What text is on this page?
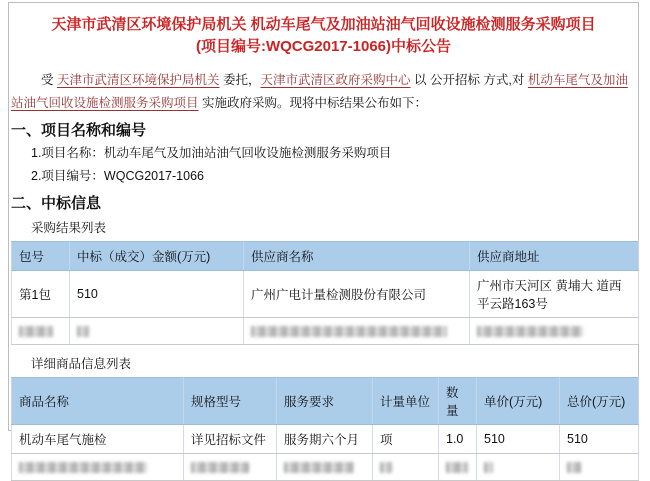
天津市武清区环境保护局机关 机动车尾气及加油站油气回收设施检测服务采购项目
(项目编号:WQCG2017-1066)中标公告
受 天津市武清区环境保护局机关 委托，天津市武清区政府采购中心 以 公开招标 方式,对 机动车尾气及加油站油气回收设施检测服务采购项目 实施政府采购。现将中标结果公布如下：
一、项目名称和编号
1.项目名称：机动车尾气及加油站油气回收设施检测服务采购项目
2.项目编号：WQCG2017-1066
二、中标信息
采购结果列表
包号	中标（成交）金额(万元)	供应商名称	供应商地址
第1包	510	广州广电计量检测股份有限公司	广州市天河区 黄埔大 道西平云路163号

详细商品信息列表
商品名称	规格型号	服务要求	计量单位	数量	单价(万元)	总价(万元)
机动车尾气施检	详见招标文件	服务期六个月	项	1.0	510	510
